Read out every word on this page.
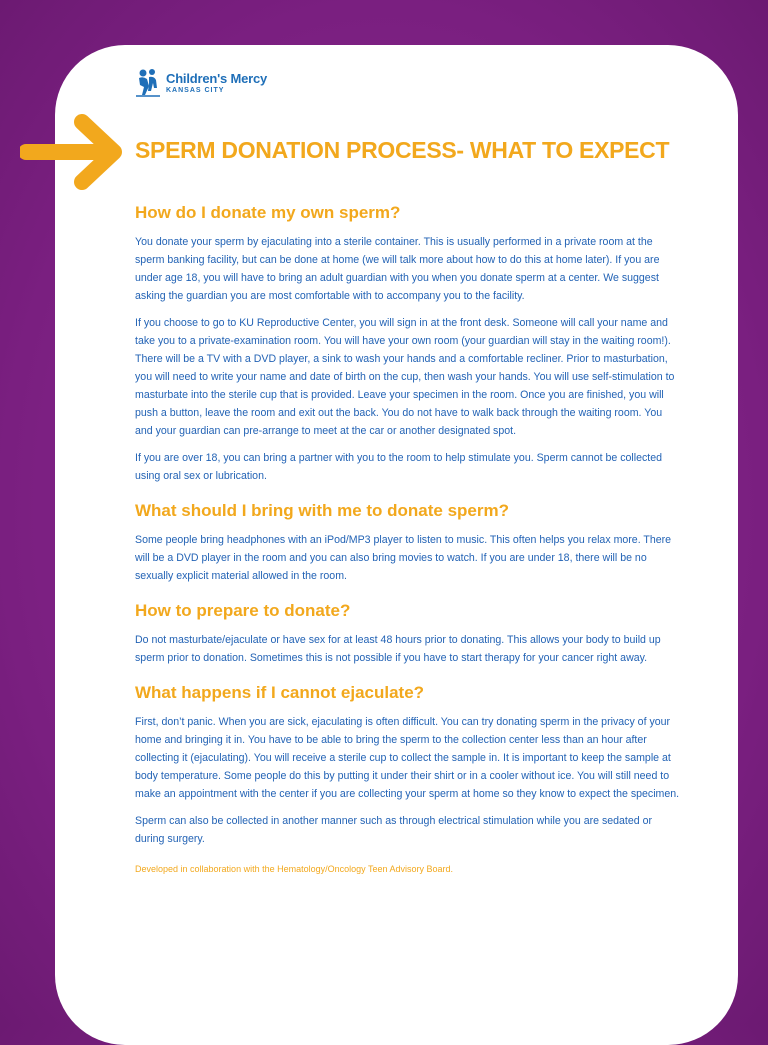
Children's Mercy
KANSAS CITY
SPERM DONATION PROCESS- WHAT TO EXPECT
How do I donate my own sperm?

You donate your sperm by ejaculating into a sterile container. This is usually performed in a private room at the sperm banking facility, but can be done at home (we will talk more about how to do this at home later). If you are under age 18, you will have to bring an adult guardian with you when you donate sperm at a center. We suggest asking the guardian you are most comfortable with to accompany you to the facility.

If you choose to go to KU Reproductive Center, you will sign in at the front desk. Someone will call your name and take you to a private-examination room. You will have your own room (your guardian will stay in the waiting room!). There will be a TV with a DVD player, a sink to wash your hands and a comfortable recliner. Prior to masturbation, you will need to write your name and date of birth on the cup, then wash your hands. You will use self-stimulation to masturbate into the sterile cup that is provided. Leave your specimen in the room. Once you are finished, you will push a button, leave the room and exit out the back. You do not have to walk back through the waiting room. You and your guardian can pre-arrange to meet at the car or another designated spot.

If you are over 18, you can bring a partner with you to the room to help stimulate you. Sperm cannot be collected using oral sex or lubrication.

What should I bring with me to donate sperm?

Some people bring headphones with an iPod/MP3 player to listen to music. This often helps you relax more. There will be a DVD player in the room and you can also bring movies to watch. If you are under 18, there will be no sexually explicit material allowed in the room.

How to prepare to donate?

Do not masturbate/ejaculate or have sex for at least 48 hours prior to donating. This allows your body to build up sperm prior to donation. Sometimes this is not possible if you have to start therapy for your cancer right away.

What happens if I cannot ejaculate?

First, don’t panic. When you are sick, ejaculating is often difficult. You can try donating sperm in the privacy of your home and bringing it in. You have to be able to bring the sperm to the collection center less than an hour after collecting it (ejaculating). You will receive a sterile cup to collect the sample in. It is important to keep the sample at body temperature. Some people do this by putting it under their shirt or in a cooler without ice. You will still need to make an appointment with the center if you are collecting your sperm at home so they know to expect the specimen.

Sperm can also be collected in another manner such as through electrical stimulation while you are sedated or during surgery.

Developed in collaboration with the Hematology/Oncology Teen Advisory Board.
